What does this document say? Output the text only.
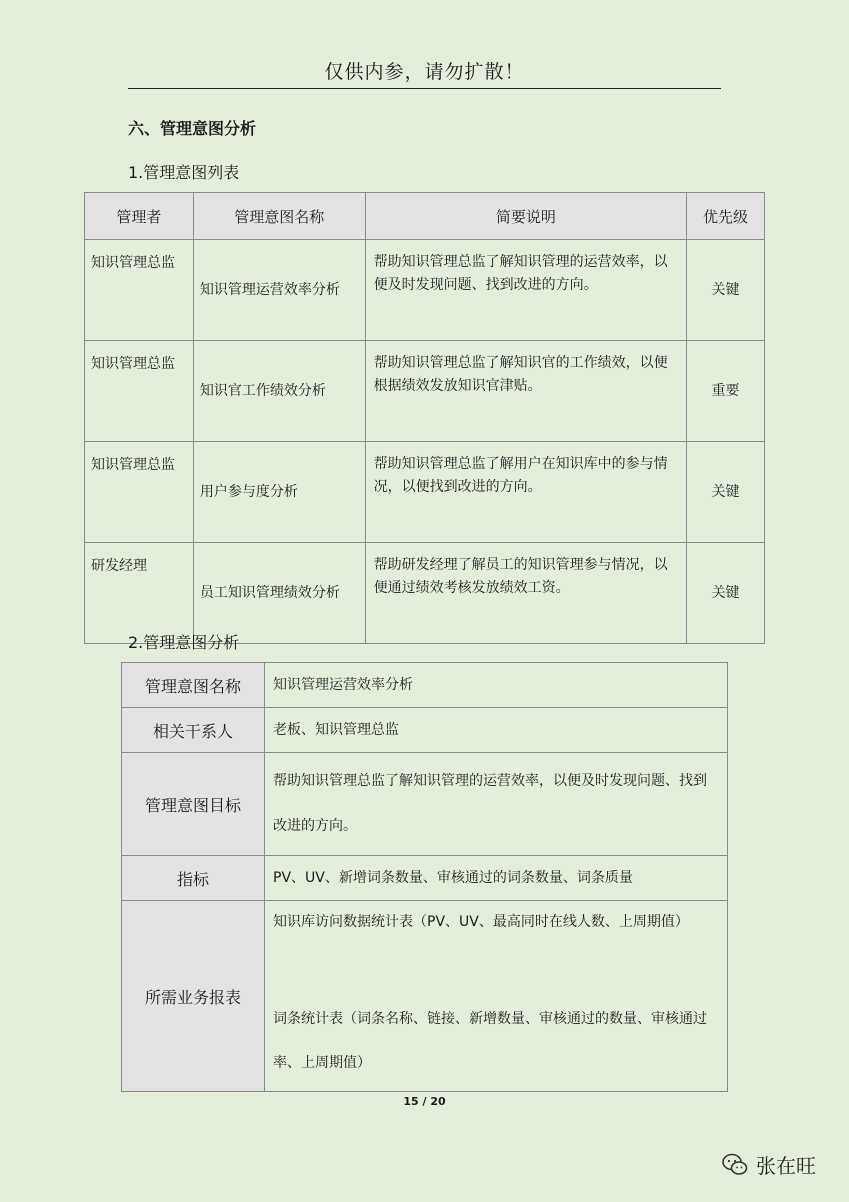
仅供内参，请勿扩散！
六、管理意图分析
1.管理意图列表
管理者	管理意图名称	简要说明	优先级
知识管理总监	知识管理运营效率分析	帮助知识管理总监了解知识管理的运营效率，以便及时发现问题、找到改进的方向。	关键
知识管理总监	知识官工作绩效分析	帮助知识管理总监了解知识官的工作绩效，以便根据绩效发放知识官津贴。	重要
知识管理总监	用户参与度分析	帮助知识管理总监了解用户在知识库中的参与情况，以便找到改进的方向。	关键
研发经理	员工知识管理绩效分析	帮助研发经理了解员工的知识管理参与情况，以便通过绩效考核发放绩效工资。	关键
2.管理意图分析
管理意图名称	知识管理运营效率分析
相关干系人	老板、知识管理总监
管理意图目标	帮助知识管理总监了解知识管理的运营效率，以便及时发现问题、找到改进的方向。
指标	PV、UV、新增词条数量、审核通过的词条数量、词条质量
所需业务报表	知识库访问数据统计表（PV、UV、最高同时在线人数、上周期值）
词条统计表（词条名称、链接、新增数量、审核通过的数量、审核通过率、上周期值）
15 / 20
张在旺
